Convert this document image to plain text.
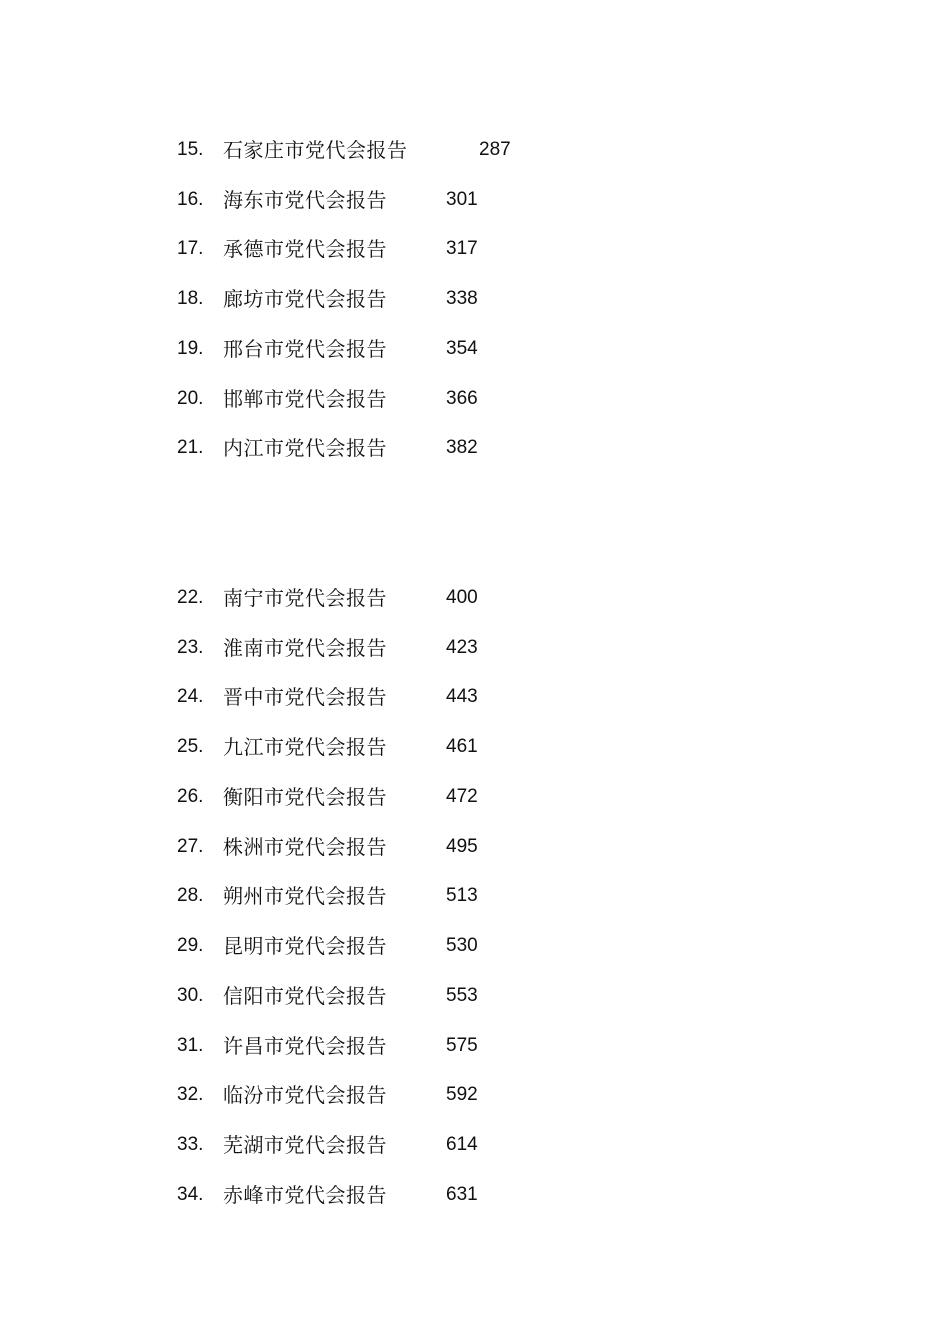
15. 石家庄市党代会报告	287
16. 海东市党代会报告	301
17. 承德市党代会报告	317
18. 廊坊市党代会报告	338
19. 邢台市党代会报告	354
20. 邯郸市党代会报告	366
21. 内江市党代会报告	382
22. 南宁市党代会报告	400
23. 淮南市党代会报告	423
24. 晋中市党代会报告	443
25. 九江市党代会报告	461
26. 衡阳市党代会报告	472
27. 株洲市党代会报告	495
28. 朔州市党代会报告	513
29. 昆明市党代会报告	530
30. 信阳市党代会报告	553
31. 许昌市党代会报告	575
32. 临汾市党代会报告	592
33. 芜湖市党代会报告	614
34. 赤峰市党代会报告	631
